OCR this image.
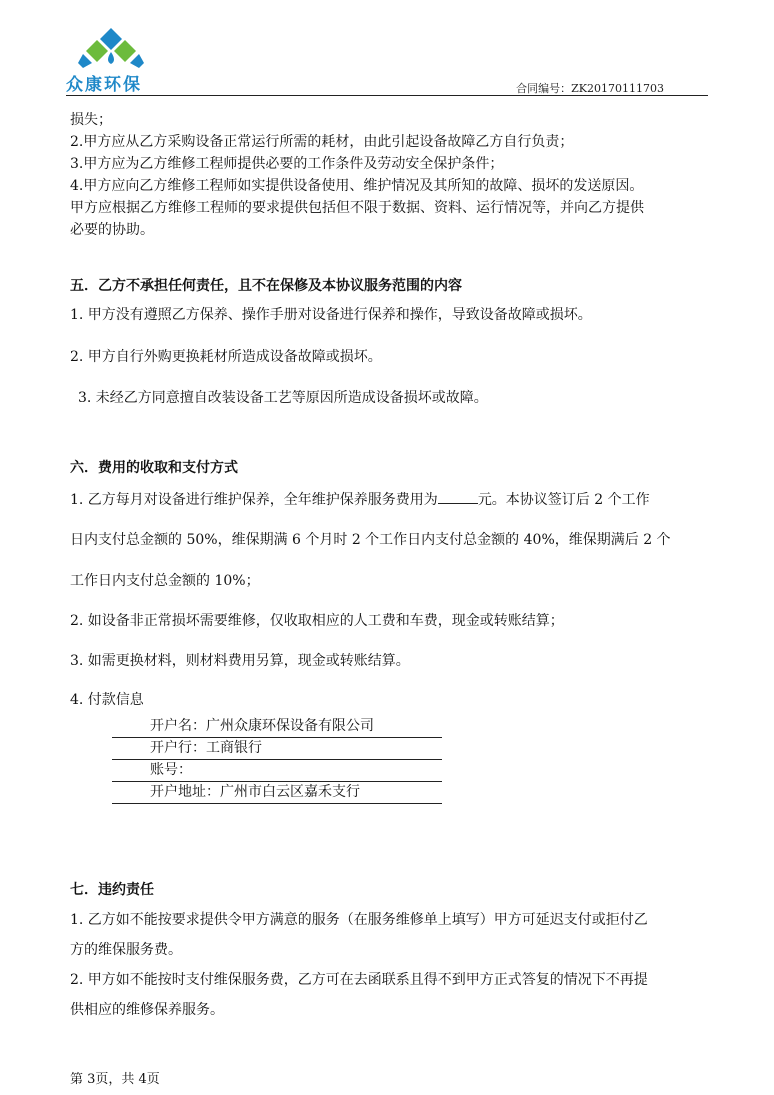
众康环保	合同编号：ZK20170111703
损失；
2.甲方应从乙方采购设备正常运行所需的耗材，由此引起设备故障乙方自行负责；
3.甲方应为乙方维修工程师提供必要的工作条件及劳动安全保护条件；
4.甲方应向乙方维修工程师如实提供设备使用、维护情况及其所知的故障、损坏的发送原因。
甲方应根据乙方维修工程师的要求提供包括但不限于数据、资料、运行情况等，并向乙方提供
必要的协助。
五．乙方不承担任何责任，且不在保修及本协议服务范围的内容
1. 甲方没有遵照乙方保养、操作手册对设备进行保养和操作，导致设备故障或损坏。
2. 甲方自行外购更换耗材所造成设备故障或损坏。
3. 未经乙方同意擅自改装设备工艺等原因所造成设备损坏或故障。
六．费用的收取和支付方式
1. 乙方每月对设备进行维护保养，全年维护保养服务费用为	元。本协议签订后 2 个工作
日内支付总金额的 50%，维保期满 6 个月时 2 个工作日内支付总金额的 40%，维保期满后 2 个
工作日内支付总金额的 10%；
2. 如设备非正常损坏需要维修，仅收取相应的人工费和车费，现金或转账结算；
3. 如需更换材料，则材料费用另算，现金或转账结算。
4. 付款信息
开户名：广州众康环保设备有限公司
开户行：工商银行
账号：
开户地址：广州市白云区嘉禾支行
七．违约责任
1. 乙方如不能按要求提供令甲方满意的服务（在服务维修单上填写）甲方可延迟支付或拒付乙
方的维保服务费。
2. 甲方如不能按时支付维保服务费，乙方可在去函联系且得不到甲方正式答复的情况下不再提
供相应的维修保养服务。
第 3页，共 4页
